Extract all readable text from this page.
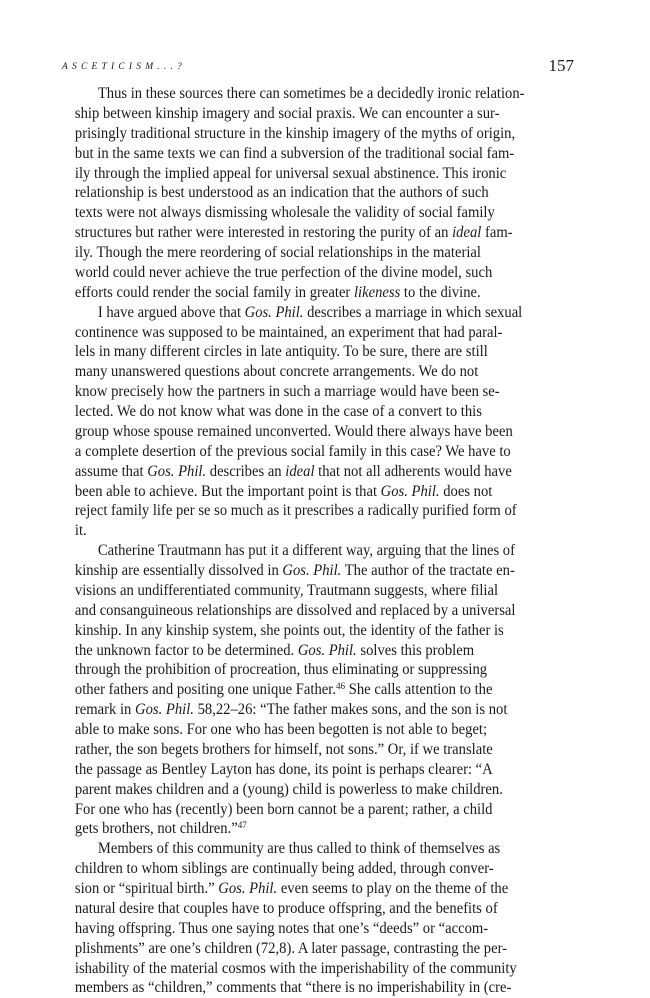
ASCETICISM...?	157

Thus in these sources there can sometimes be a decidedly ironic relation-
ship between kinship imagery and social praxis. We can encounter a sur-
prisingly traditional structure in the kinship imagery of the myths of origin,
but in the same texts we can find a subversion of the traditional social fam-
ily through the implied appeal for universal sexual abstinence. This ironic
relationship is best understood as an indication that the authors of such
texts were not always dismissing wholesale the validity of social family
structures but rather were interested in restoring the purity of an ideal fam-
ily. Though the mere reordering of social relationships in the material
world could never achieve the true perfection of the divine model, such
efforts could render the social family in greater likeness to the divine.

I have argued above that Gos. Phil. describes a marriage in which sexual
continence was supposed to be maintained, an experiment that had paral-
lels in many different circles in late antiquity. To be sure, there are still
many unanswered questions about concrete arrangements. We do not
know precisely how the partners in such a marriage would have been se-
lected. We do not know what was done in the case of a convert to this
group whose spouse remained unconverted. Would there always have been
a complete desertion of the previous social family in this case? We have to
assume that Gos. Phil. describes an ideal that not all adherents would have
been able to achieve. But the important point is that Gos. Phil. does not
reject family life per se so much as it prescribes a radically purified form of
it.

Catherine Trautmann has put it a different way, arguing that the lines of
kinship are essentially dissolved in Gos. Phil. The author of the tractate en-
visions an undifferentiated community, Trautmann suggests, where filial
and consanguineous relationships are dissolved and replaced by a universal
kinship. In any kinship system, she points out, the identity of the father is
the unknown factor to be determined. Gos. Phil. solves this problem
through the prohibition of procreation, thus eliminating or suppressing
other fathers and positing one unique Father.$^{46}$ She calls attention to the
remark in Gos. Phil. 58,22–26: “The father makes sons, and the son is not
able to make sons. For one who has been begotten is not able to beget;
rather, the son begets brothers for himself, not sons.” Or, if we translate
the passage as Bentley Layton has done, its point is perhaps clearer: “A
parent makes children and a (young) child is powerless to make children.
For one who has (recently) been born cannot be a parent; rather, a child
gets brothers, not children.”$^{47}$

Members of this community are thus called to think of themselves as
children to whom siblings are continually being added, through conver-
sion or “spiritual birth.” Gos. Phil. even seems to play on the theme of the
natural desire that couples have to produce offspring, and the benefits of
having offspring. Thus one saying notes that one’s “deeds” or “accom-
plishments” are one’s children (72,8). A later passage, contrasting the per-
ishability of the material cosmos with the imperishability of the community
members as “children,” comments that “there is no imperishability in (cre-
